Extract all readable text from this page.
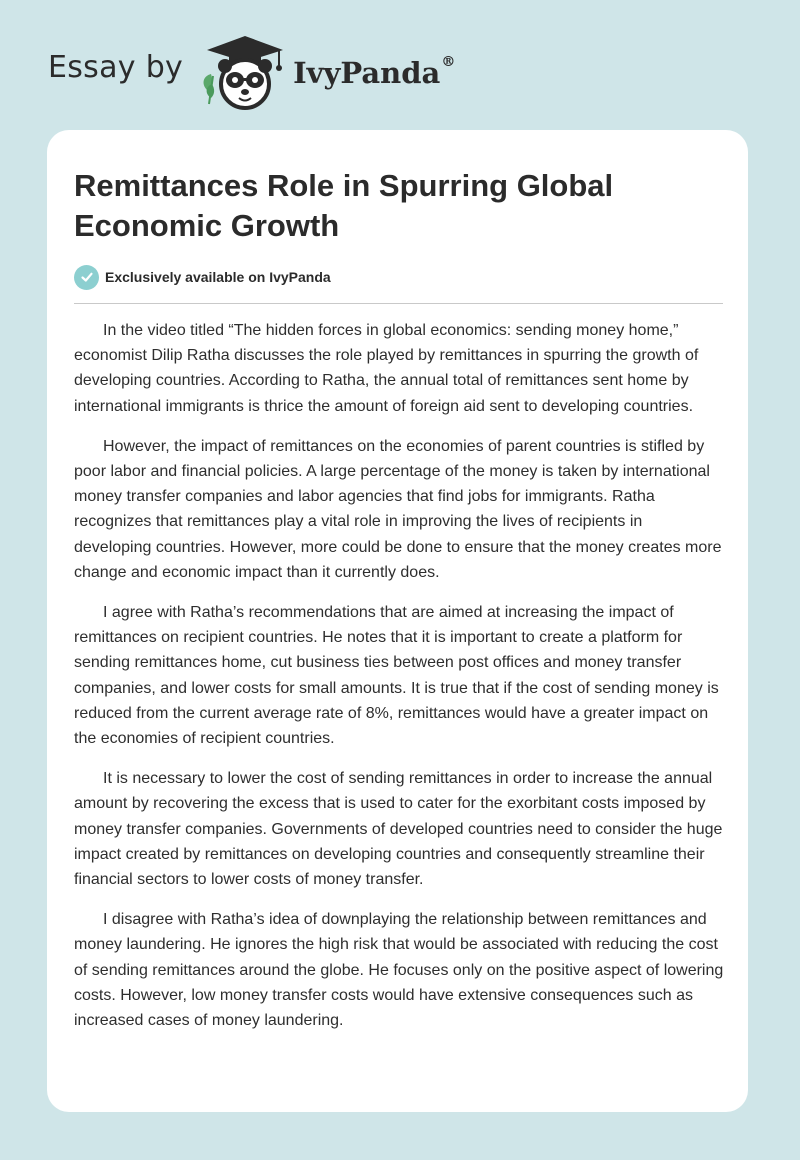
Essay by	IvyPanda®
Remittances Role in Spurring Global Economic Growth
Exclusively available on IvyPanda

In the video titled “The hidden forces in global economics: sending money home,” economist Dilip Ratha discusses the role played by remittances in spurring the growth of developing countries. According to Ratha, the annual total of remittances sent home by international immigrants is thrice the amount of foreign aid sent to developing countries.

However, the impact of remittances on the economies of parent countries is stifled by poor labor and financial policies. A large percentage of the money is taken by international money transfer companies and labor agencies that find jobs for immigrants. Ratha recognizes that remittances play a vital role in improving the lives of recipients in developing countries. However, more could be done to ensure that the money creates more change and economic impact than it currently does.

I agree with Ratha’s recommendations that are aimed at increasing the impact of remittances on recipient countries. He notes that it is important to create a platform for sending remittances home, cut business ties between post offices and money transfer companies, and lower costs for small amounts. It is true that if the cost of sending money is reduced from the current average rate of 8%, remittances would have a greater impact on the economies of recipient countries.

It is necessary to lower the cost of sending remittances in order to increase the annual amount by recovering the excess that is used to cater for the exorbitant costs imposed by money transfer companies. Governments of developed countries need to consider the huge impact created by remittances on developing countries and consequently streamline their financial sectors to lower costs of money transfer.

I disagree with Ratha’s idea of downplaying the relationship between remittances and money laundering. He ignores the high risk that would be associated with reducing the cost of sending remittances around the globe. He focuses only on the positive aspect of lowering costs. However, low money transfer costs would have extensive consequences such as increased cases of money laundering.
